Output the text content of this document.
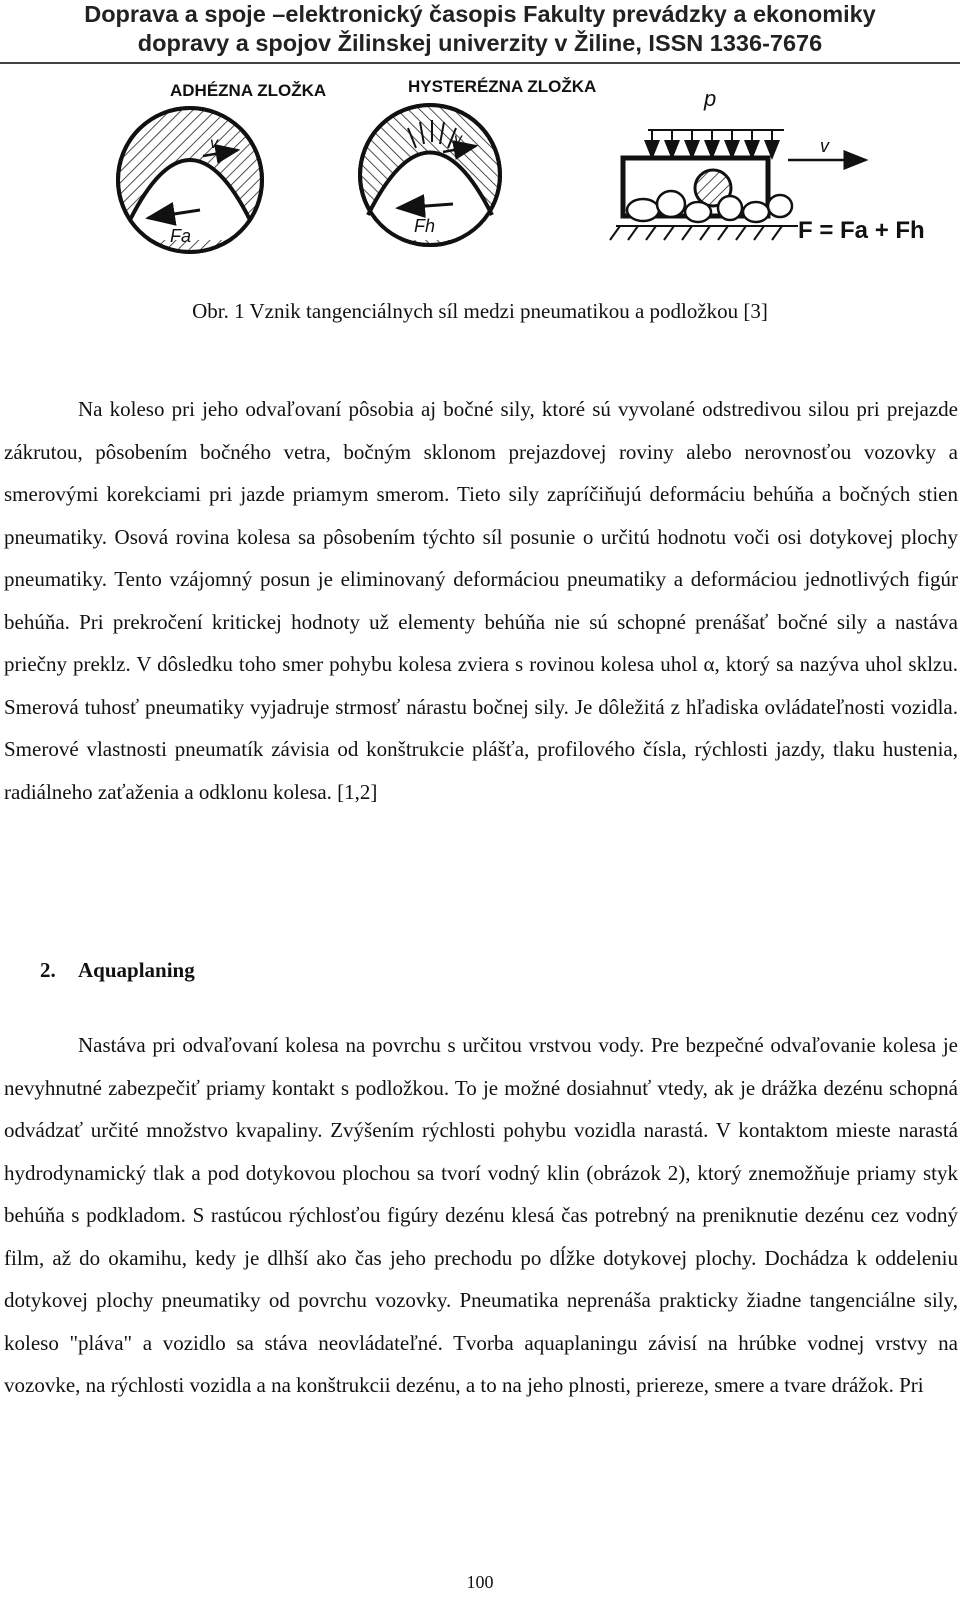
Doprava a spoje –elektronický časopis Fakulty prevádzky a ekonomiky
dopravy a spojov Žilinskej univerzity v Žiline, ISSN 1336-7676
ADHÉZNA ZLOŽKA	HYSTERÉZNA ZLOŽKA
v
Fa
v
Fh
p
v
F = Fa + Fh
Obr. 1 Vznik tangenciálnych síl medzi pneumatikou a podložkou [3]

Na koleso pri jeho odvaľovaní pôsobia aj bočné sily, ktoré sú vyvolané odstredivou silou pri prejazde zákrutou, pôsobením bočného vetra, bočným sklonom prejazdovej roviny alebo nerovnosťou vozovky a smerovými korekciami pri jazde priamym smerom. Tieto sily zapríčiňujú deformáciu behúňa a bočných stien pneumatiky. Osová rovina kolesa sa pôsobením týchto síl posunie o určitú hodnotu voči osi dotykovej plochy pneumatiky. Tento vzájomný posun je eliminovaný deformáciou pneumatiky a deformáciou jednotlivých figúr behúňa. Pri prekročení kritickej hodnoty už elementy behúňa nie sú schopné prenášať bočné sily a nastáva priečny preklz. V dôsledku toho smer pohybu kolesa zviera s rovinou kolesa uhol α, ktorý sa nazýva uhol sklzu. Smerová tuhosť pneumatiky vyjadruje strmosť nárastu bočnej sily. Je dôležitá z hľadiska ovládateľnosti vozidla. Smerové vlastnosti pneumatík závisia od konštrukcie plášťa, profilového čísla, rýchlosti jazdy, tlaku hustenia, radiálneho zaťaženia a odklonu kolesa. [1,2]

2. Aquaplaning

Nastáva pri odvaľovaní kolesa na povrchu s určitou vrstvou vody. Pre bezpečné odvaľovanie kolesa je nevyhnutné zabezpečiť priamy kontakt s podložkou. To je možné dosiahnuť vtedy, ak je drážka dezénu schopná odvádzať určité množstvo kvapaliny. Zvýšením rýchlosti pohybu vozidla narastá. V kontaktom mieste narastá hydrodynamický tlak a pod dotykovou plochou sa tvorí vodný klin (obrázok 2), ktorý znemožňuje priamy styk behúňa s podkladom. S rastúcou rýchlosťou figúry dezénu klesá čas potrebný na preniknutie dezénu cez vodný film, až do okamihu, kedy je dlhší ako čas jeho prechodu po dĺžke dotykovej plochy. Dochádza k oddeleniu dotykovej plochy pneumatiky od povrchu vozovky. Pneumatika neprenáša prakticky žiadne tangenciálne sily, koleso "pláva" a vozidlo sa stáva neovládateľné. Tvorba aquaplaningu závisí na hrúbke vodnej vrstvy na vozovke, na rýchlosti vozidla a na konštrukcii dezénu, a to na jeho plnosti, priereze, smere a tvare drážok. Pri

100
